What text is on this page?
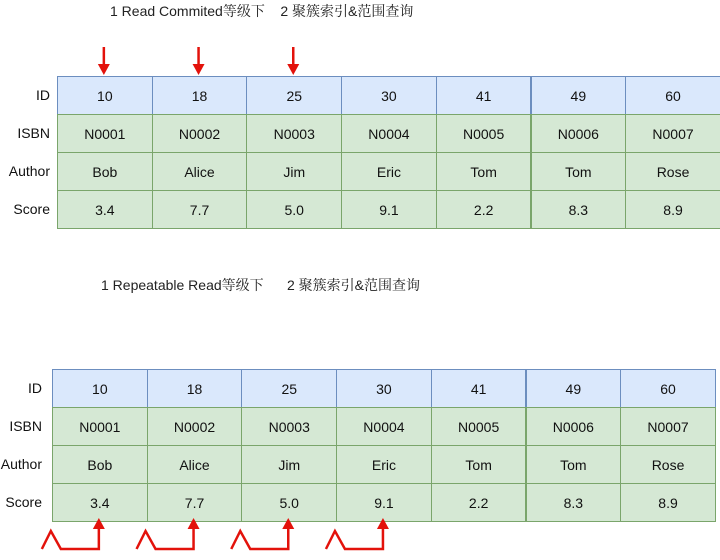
1 Read Commited等级下    2 聚簇索引&范围查询
ID	10	18	25	30	41	49	60
ISBN	N0001	N0002	N0003	N0004	N0005	N0006	N0007
Author	Bob	Alice	Jim	Eric	Tom	Tom	Rose
Score	3.4	7.7	5.0	9.1	2.2	8.3	8.9
1 Repeatable Read等级下      2 聚簇索引&范围查询
ID	10	18	25	30	41	49	60
ISBN	N0001	N0002	N0003	N0004	N0005	N0006	N0007
Author	Bob	Alice	Jim	Eric	Tom	Tom	Rose
Score	3.4	7.7	5.0	9.1	2.2	8.3	8.9
